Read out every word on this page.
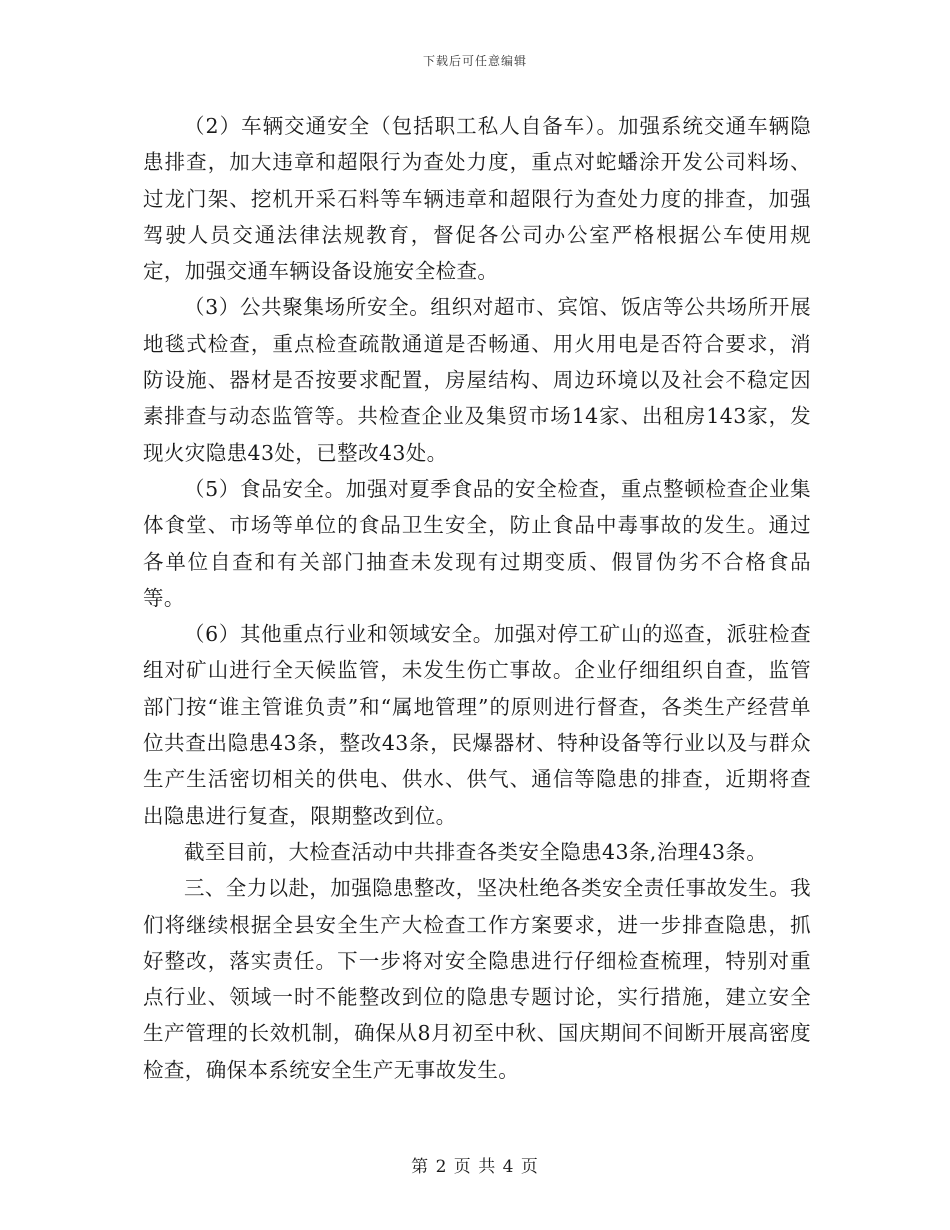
下载后可任意编辑

（2）车辆交通安全（包括职工私人自备车）。加强系统交通车辆隐患排查，加大违章和超限行为查处力度，重点对蛇蟠涂开发公司料场、过龙门架、挖机开采石料等车辆违章和超限行为查处力度的排查，加强驾驶人员交通法律法规教育，督促各公司办公室严格根据公车使用规定，加强交通车辆设备设施安全检查。

（3）公共聚集场所安全。组织对超市、宾馆、饭店等公共场所开展地毯式检查，重点检查疏散通道是否畅通、用火用电是否符合要求，消防设施、器材是否按要求配置，房屋结构、周边环境以及社会不稳定因素排查与动态监管等。共检查企业及集贸市场14家、出租房143家，发现火灾隐患43处，已整改43处。

（5）食品安全。加强对夏季食品的安全检查，重点整顿检查企业集体食堂、市场等单位的食品卫生安全，防止食品中毒事故的发生。通过各单位自查和有关部门抽查未发现有过期变质、假冒伪劣不合格食品等。

（6）其他重点行业和领域安全。加强对停工矿山的巡查，派驻检查组对矿山进行全天候监管，未发生伤亡事故。企业仔细组织自查，监管部门按“谁主管谁负责”和“属地管理”的原则进行督查，各类生产经营单位共查出隐患43条，整改43条，民爆器材、特种设备等行业以及与群众生产生活密切相关的供电、供水、供气、通信等隐患的排查，近期将查出隐患进行复查，限期整改到位。

截至目前，大检查活动中共排查各类安全隐患43条,治理43条。

三、全力以赴，加强隐患整改，坚决杜绝各类安全责任事故发生。我们将继续根据全县安全生产大检查工作方案要求，进一步排查隐患，抓好整改，落实责任。下一步将对安全隐患进行仔细检查梳理，特别对重点行业、领域一时不能整改到位的隐患专题讨论，实行措施，建立安全生产管理的长效机制，确保从8月初至中秋、国庆期间不间断开展高密度检查，确保本系统安全生产无事故发生。

第 2 页 共 4 页
